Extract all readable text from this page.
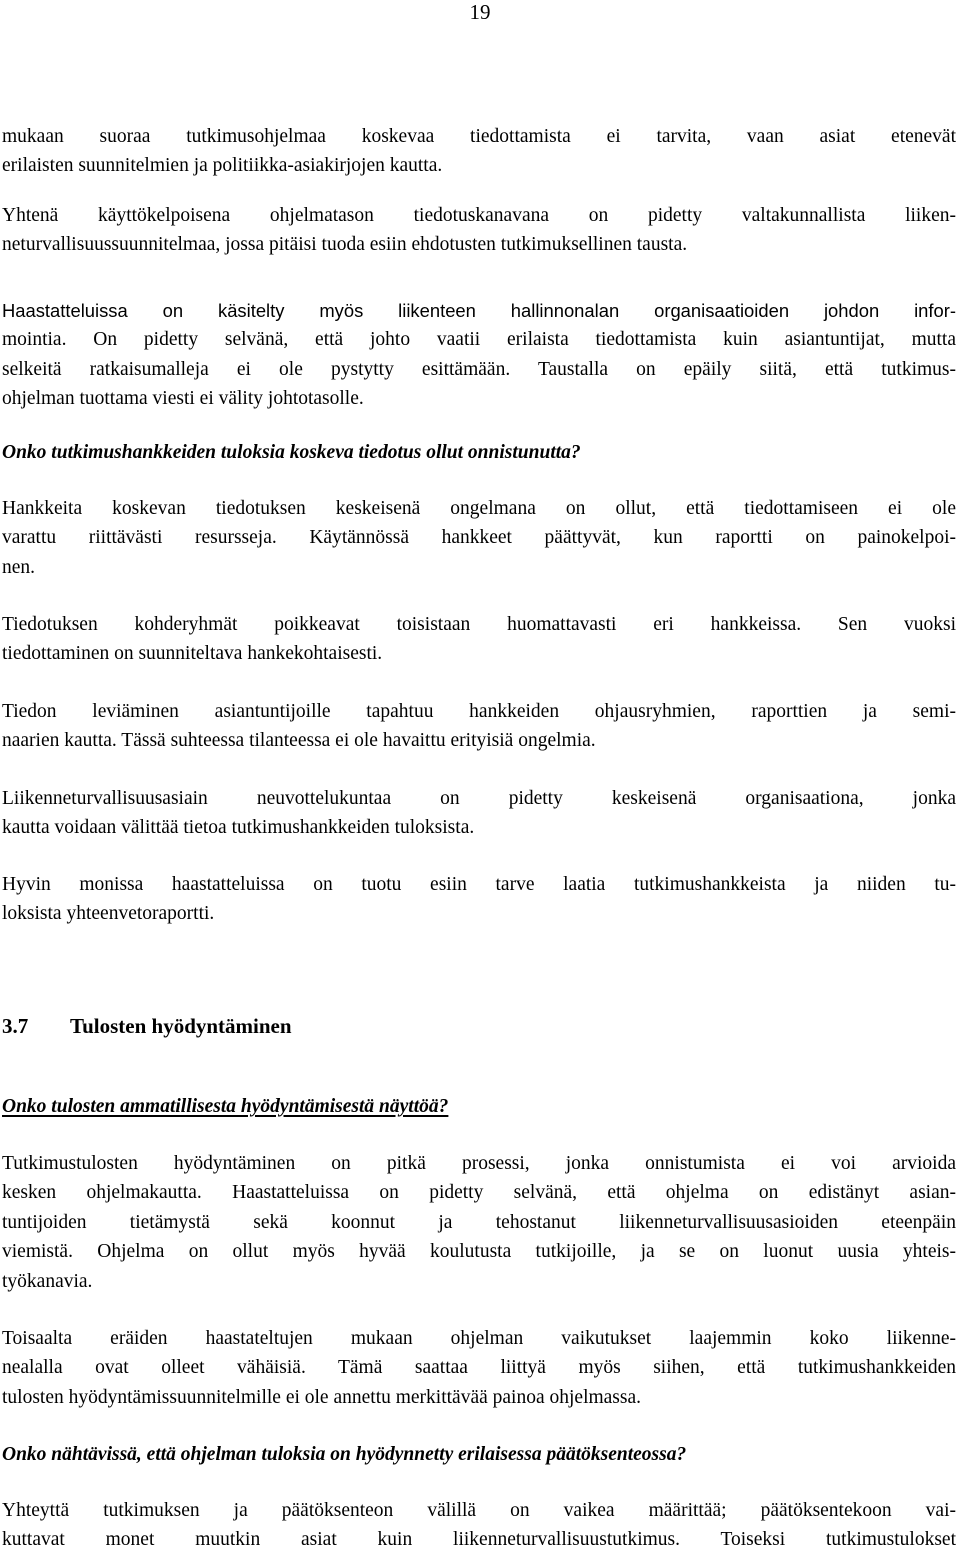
19
mukaan suoraa tutkimusohjelmaa koskevaa tiedottamista ei tarvita, vaan asiat etenevät
erilaisten suunnitelmien ja politiikka-asiakirjojen kautta.
Yhtenä käyttökelpoisena ohjelmatason tiedotuskanavana on pidetty valtakunnallista liiken-
neturvallisuussuunnitelmaa, jossa pitäisi tuoda esiin ehdotusten tutkimuksellinen tausta.
Haastatteluissa on käsitelty myös liikenteen hallinnonalan organisaatioiden johdon infor-
mointia. On pidetty selvänä, että johto vaatii erilaista tiedottamista kuin asiantuntijat, mutta
selkeitä ratkaisumalleja ei ole pystytty esittämään. Taustalla on epäily siitä, että tutkimus-
ohjelman tuottama viesti ei välity johtotasolle.
Onko tutkimushankkeiden tuloksia koskeva tiedotus ollut onnistunutta?
Hankkeita koskevan tiedotuksen keskeisenä ongelmana on ollut, että tiedottamiseen ei ole
varattu riittävästi resursseja. Käytännössä hankkeet päättyvät, kun raportti on painokelpoi-
nen.
Tiedotuksen kohderyhmät poikkeavat toisistaan huomattavasti eri hankkeissa. Sen vuoksi
tiedottaminen on suunniteltava hankekohtaisesti.
Tiedon leviäminen asiantuntijoille tapahtuu hankkeiden ohjausryhmien, raporttien ja semi-
naarien kautta. Tässä suhteessa tilanteessa ei ole havaittu erityisiä ongelmia.
Liikenneturvallisuusasiain neuvottelukuntaa on pidetty keskeisenä organisaationa, jonka
kautta voidaan välittää tietoa tutkimushankkeiden tuloksista.
Hyvin monissa haastatteluissa on tuotu esiin tarve laatia tutkimushankkeista ja niiden tu-
loksista yhteenvetoraportti.
3.7 Tulosten hyödyntäminen
Onko tulosten ammatillisesta hyödyntämisestä näyttöä?
Tutkimustulosten hyödyntäminen on pitkä prosessi, jonka onnistumista ei voi arvioida
kesken ohjelmakautta. Haastatteluissa on pidetty selvänä, että ohjelma on edistänyt asian-
tuntijoiden tietämystä sekä koonnut ja tehostanut liikenneturvallisuusasioiden eteenpäin
viemistä. Ohjelma on ollut myös hyvää koulutusta tutkijoille, ja se on luonut uusia yhteis-
työkanavia.
Toisaalta eräiden haastateltujen mukaan ohjelman vaikutukset laajemmin koko liikenne-
nealalla ovat olleet vähäisiä. Tämä saattaa liittyä myös siihen, että tutkimushankkeiden
tulosten hyödyntämissuunnitelmille ei ole annettu merkittävää painoa ohjelmassa.
Onko nähtävissä, että ohjelman tuloksia on hyödynnetty erilaisessa päätöksenteossa?
Yhteyttä tutkimuksen ja päätöksenteon välillä on vaikea määrittää; päätöksentekoon vai-
kuttavat monet muutkin asiat kuin liikenneturvallisuustutkimus. Toiseksi tutkimustulokset
